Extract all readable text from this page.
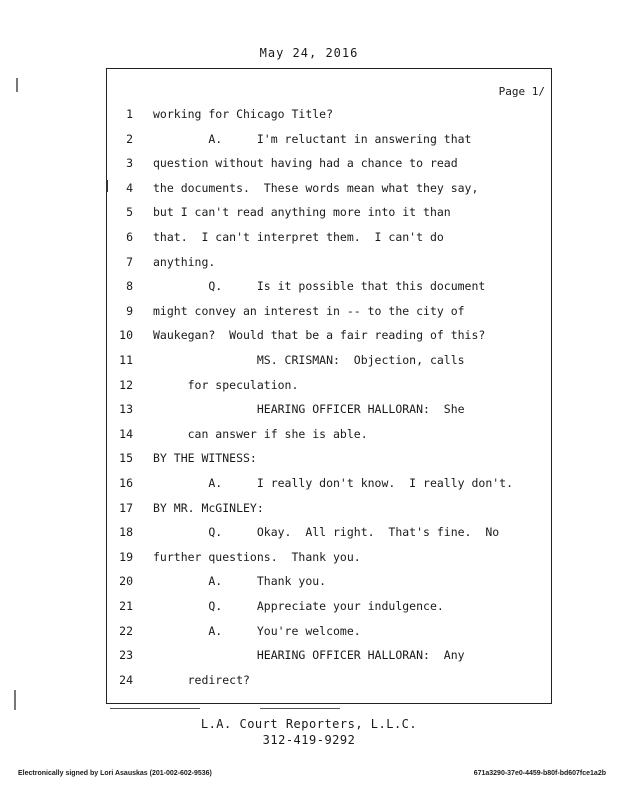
May 24, 2016
Page 1/
1 working for Chicago Title?
2 A.     I'm reluctant in answering that
3 question without having had a chance to read
4 the documents.  These words mean what they say,
5 but I can't read anything more into it than
6 that.  I can't interpret them.  I can't do
7 anything.
8 Q.     Is it possible that this document
9 might convey an interest in -- to the city of
10 Waukegan?  Would that be a fair reading of this?
11 MS. CRISMAN:  Objection, calls
12 for speculation.
13 HEARING OFFICER HALLORAN:  She
14 can answer if she is able.
15 BY THE WITNESS:
16 A.     I really don't know.  I really don't.
17 BY MR. McGINLEY:
18 Q.     Okay.  All right.  That's fine.  No
19 further questions.  Thank you.
20 A.     Thank you.
21 Q.     Appreciate your indulgence.
22 A.     You're welcome.
23 HEARING OFFICER HALLORAN:  Any
24 redirect?
L.A. Court Reporters, L.L.C.
312-419-9292
Electronically signed by Lori Asauskas (201-002-602-9536)	671a3290-37e0-4459-b80f-bd607fce1a2b
